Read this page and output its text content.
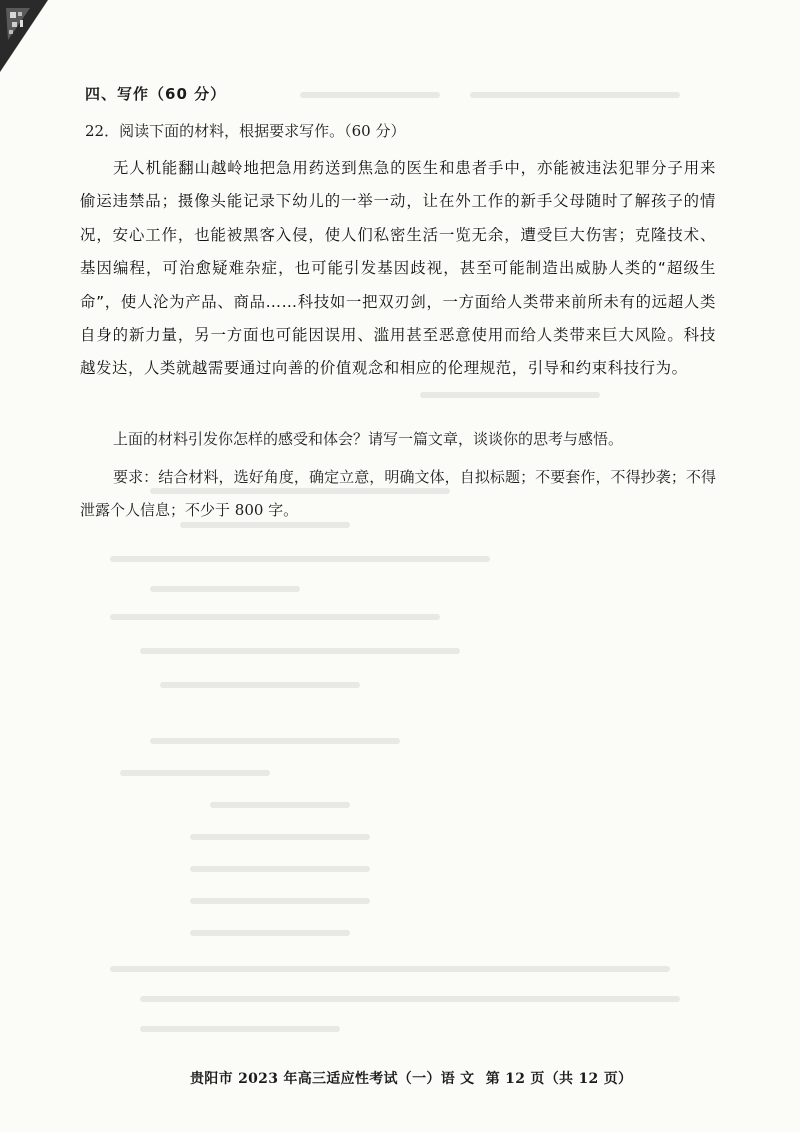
四、写作（60 分）
22．阅读下面的材料，根据要求写作。（60 分）

无人机能翻山越岭地把急用药送到焦急的医生和患者手中，亦能被违法犯罪分子用来偷运违禁品；摄像头能记录下幼儿的一举一动，让在外工作的新手父母随时了解孩子的情况，安心工作，也能被黑客入侵，使人们私密生活一览无余，遭受巨大伤害；克隆技术、基因编程，可治愈疑难杂症，也可能引发基因歧视，甚至可能制造出威胁人类的“超级生命”，使人沦为产品、商品……科技如一把双刃剑，一方面给人类带来前所未有的远超人类自身的新力量，另一方面也可能因误用、滥用甚至恶意使用而给人类带来巨大风险。科技越发达，人类就越需要通过向善的价值观念和相应的伦理规范，引导和约束科技行为。

上面的材料引发你怎样的感受和体会？请写一篇文章，谈谈你的思考与感悟。

要求：结合材料，选好角度，确定立意，明确文体，自拟标题；不要套作，不得抄袭；不得泄露个人信息；不少于 800 字。

贵阳市 2023 年高三适应性考试（一）语 文 第 12 页（共 12 页）
